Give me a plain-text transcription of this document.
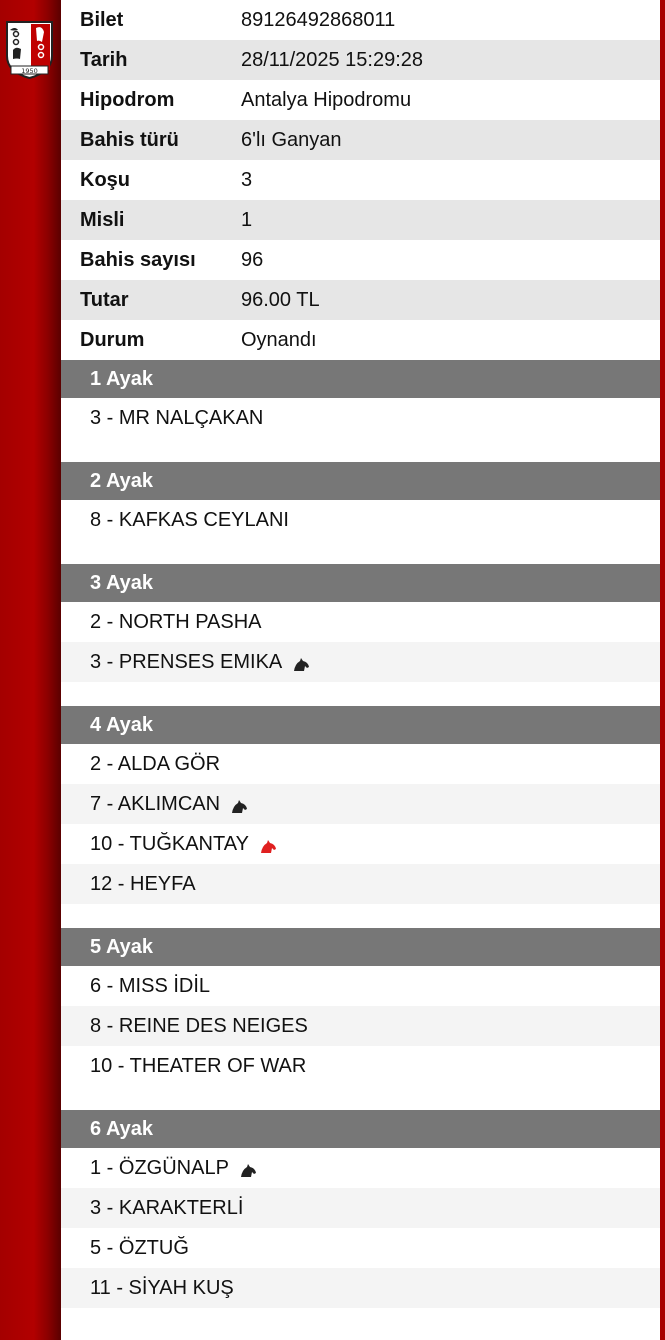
1950
Bilet	89126492868011
Tarih	28/11/2025 15:29:28
Hipodrom	Antalya Hipodromu
Bahis türü	6'lı Ganyan
Koşu	3
Misli	1
Bahis sayısı	96
Tutar	96.00 TL
Durum	Oynandı
1 Ayak
3 - MR NALÇAKAN
2 Ayak
8 - KAFKAS CEYLANI
3 Ayak
2 - NORTH PASHA
3 - PRENSES EMIKA
4 Ayak
2 - ALDA GÖR
7 - AKLIMCAN
10 - TUĞKANTAY
12 - HEYFA
5 Ayak
6 - MISS İDİL
8 - REINE DES NEIGES
10 - THEATER OF WAR
6 Ayak
1 - ÖZGÜNALP
3 - KARAKTERLİ
5 - ÖZTUĞ
11 - SİYAH KUŞ
